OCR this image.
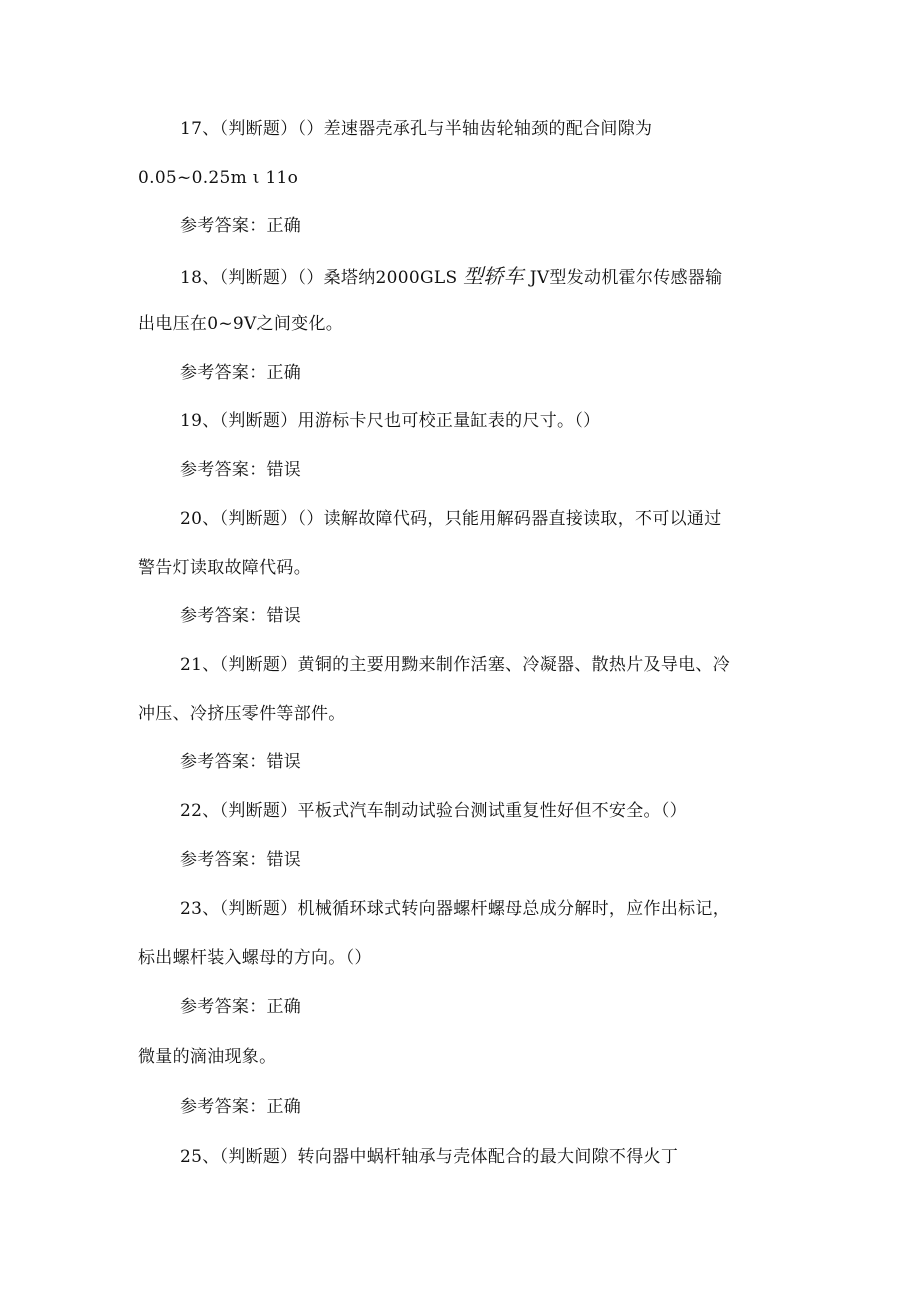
17、（判断题）（）差速器壳承孔与半轴齿轮轴颈的配合间隙为
0.05~0.25m ι 11o
参考答案：正确
18、（判断题）（）桑塔纳2000GLS 型轿车 JV型发动机霍尔传感器输
出电压在0~9V之间变化。
参考答案：正确
19、（判断题）用游标卡尺也可校正量缸表的尺寸。（）
参考答案：错误
20、（判断题）（）读解故障代码，只能用解码器直接读取，不可以通过
警告灯读取故障代码。
参考答案：错误
21、（判断题）黄铜的主要用黝来制作活塞、冷凝器、散热片及导电、冷
冲压、冷挤压零件等部件。
参考答案：错误
22、（判断题）平板式汽车制动试验台测试重复性好但不安全。（）
参考答案：错误
23、（判断题）机械循环球式转向器螺杆螺母总成分解时，应作出标记，
标出螺杆装入螺母的方向。（）
参考答案：正确
微量的滴油现象。
参考答案：正确
25、（判断题）转向器中蜗杆轴承与壳体配合的最大间隙不得火丁
